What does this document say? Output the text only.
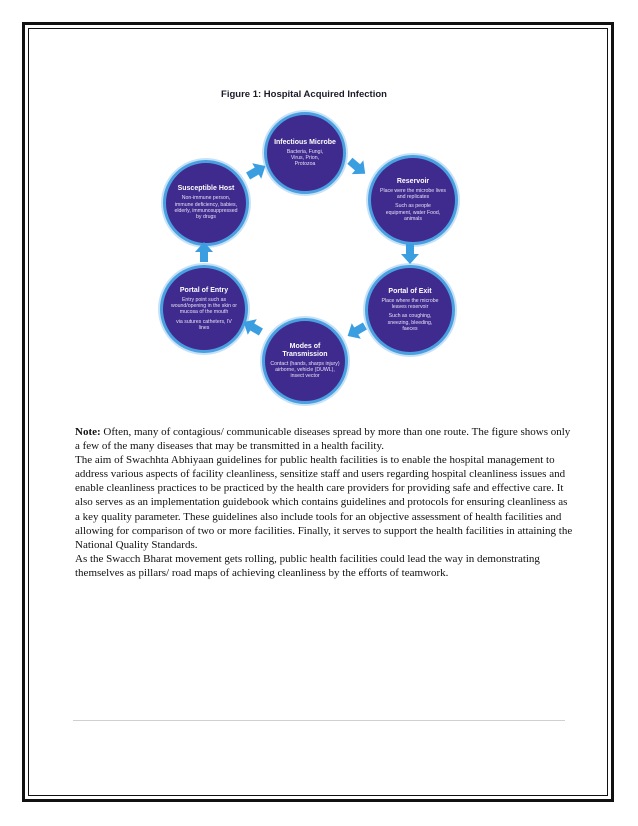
Figure 1: Hospital Acquired Infection
Infectious Microbe
Bacteria, Fungi, Virus, Prion, Protozoa
Reservoir
Place were the microbe lives and replicates
Such as people equipment, water Food, animals
Portal of Exit
Place where the microbe leaves reservoir
Such as coughing, sneezing, bleeding, faeces
Modes of Transmission
Contact (hands, sharps injury) airborne, vehicle (DUWL), insect vector
Portal of Entry
Entry point such as wound/opening in the skin or mucosa of the mouth
via sutures catheters, IV lines
Susceptible Host
Non-immune person, immune deficiency, babies, elderly, immunosuppressed by drugs

Note: Often, many of contagious/ communicable diseases spread by more than one route. The figure shows only a few of the many diseases that may be transmitted in a health facility.

The aim of Swachhta Abhiyaan guidelines for public health facilities is to enable the hospital management to address various aspects of facility cleanliness, sensitize staff and users regarding hospital cleanliness issues and enable cleanliness practices to be practiced by the health care providers for providing safe and effective care. It also serves as an implementation guidebook which contains guidelines and protocols for ensuring cleanliness as a key quality parameter. These guidelines also include tools for an objective assessment of health facilities and allowing for comparison of two or more facilities. Finally, it serves to support the health facilities in attaining the National Quality Standards.

As the Swacch Bharat movement gets rolling, public health facilities could lead the way in demonstrating themselves as pillars/ road maps of achieving cleanliness by the efforts of teamwork.
